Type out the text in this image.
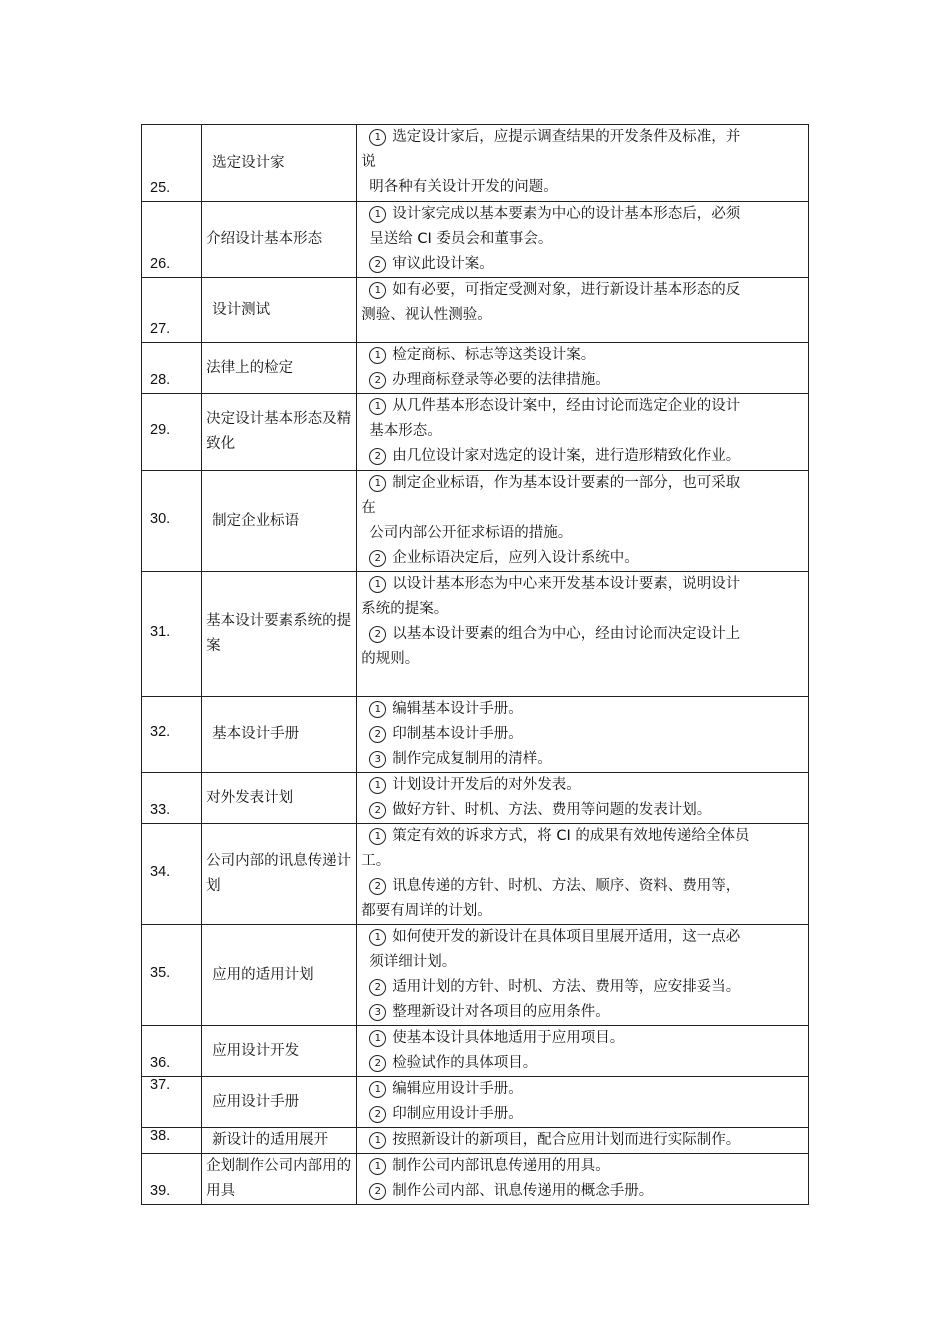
25.	选定设计家	1 选定设计家后，应提示调查结果的开发条件及标准，并
说
明各种有关设计开发的问题。

26.	介绍设计基本形态	1 设计家完成以基本要素为中心的设计基本形态后，必须
呈送给 CI 委员会和董事会。
2 审议此设计案。

27.	设计测试	1 如有必要，可指定受测对象，进行新设计基本形态的反
测验、视认性测验。

28.	法律上的检定	1 检定商标、标志等这类设计案。
2 办理商标登录等必要的法律措施。

29.	决定设计基本形态及精致化	1 从几件基本形态设计案中，经由讨论而选定企业的设计
基本形态。
2 由几位设计家对选定的设计案，进行造形精致化作业。

30.	制定企业标语	1 制定企业标语，作为基本设计要素的一部分，也可采取
在
公司内部公开征求标语的措施。
2 企业标语决定后，应列入设计系统中。

31.	基本设计要素系统的提案	1 以设计基本形态为中心来开发基本设计要素，说明设计
系统的提案。
2 以基本设计要素的组合为中心，经由讨论而决定设计上
的规则。

32.	基本设计手册	1 编辑基本设计手册。
2 印制基本设计手册。
3 制作完成复制用的清样。

33.	对外发表计划	1 计划设计开发后的对外发表。
2 做好方针、时机、方法、费用等问题的发表计划。

34.	公司内部的讯息传递计划	1 策定有效的诉求方式，将 CI 的成果有效地传递给全体员
工。
2 讯息传递的方针、时机、方法、顺序、资料、费用等，
都要有周详的计划。

35.	应用的适用计划	1 如何使开发的新设计在具体项目里展开适用，这一点必
须详细计划。
2 适用计划的方针、时机、方法、费用等，应安排妥当。
3 整理新设计对各项目的应用条件。

36.	应用设计开发	1 使基本设计具体地适用于应用项目。
2 检验试作的具体项目。

37.	应用设计手册	1 编辑应用设计手册。
2 印制应用设计手册。

38.	新设计的适用展开	1 按照新设计的新项目，配合应用计划而进行实际制作。

39.	企划制作公司内部用的用具	1 制作公司内部讯息传递用的用具。
2 制作公司内部、讯息传递用的概念手册。
